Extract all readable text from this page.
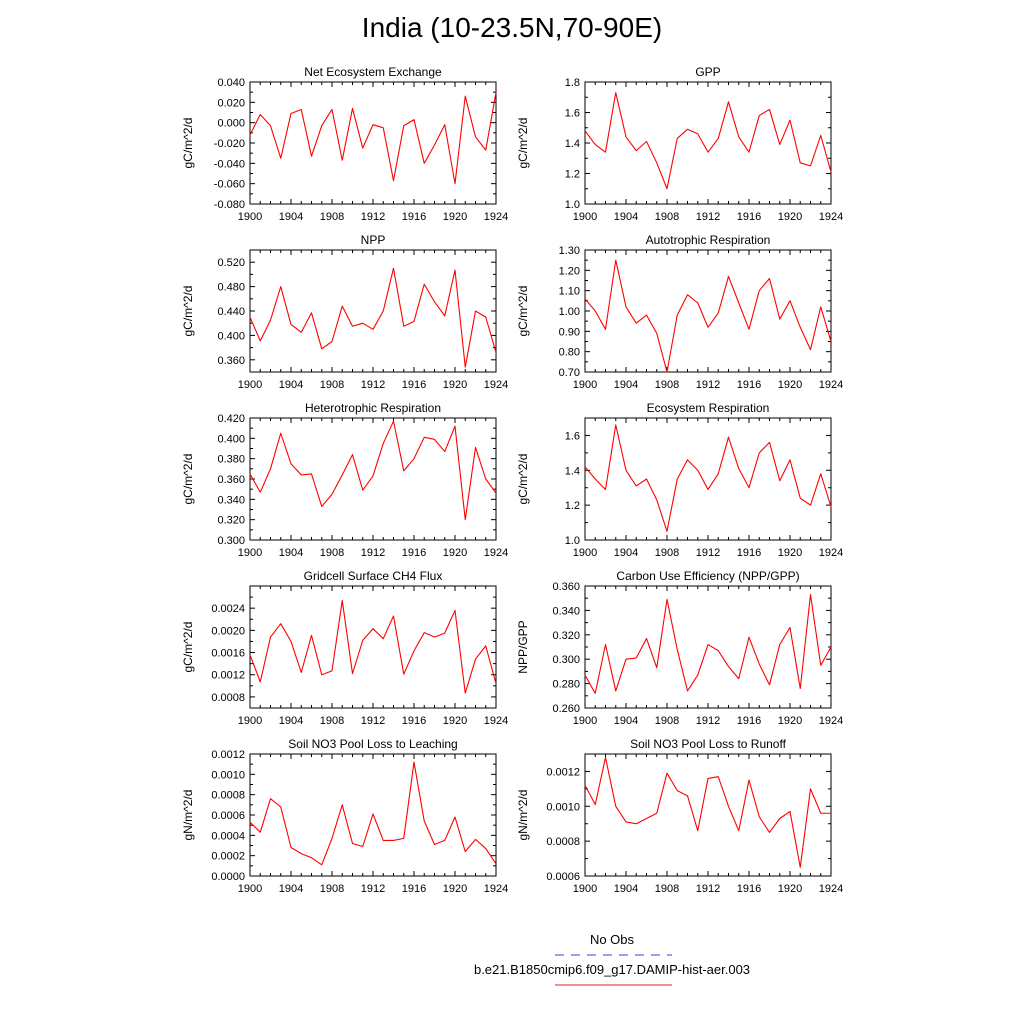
India (10-23.5N,70-90E)
1900 1904 1908 1912 1916 1920 1924
-0.080
-0.060
-0.040
-0.020
0.000
0.020
0.040
Net Ecosystem Exchange
gC/m^2/d
1900 1904 1908 1912 1916 1920 1924
1.0
1.2
1.4
1.6
1.8
GPP
gC/m^2/d
1900 1904 1908 1912 1916 1920 1924
0.360
0.400
0.440
0.480
0.520
NPP
gC/m^2/d
1900 1904 1908 1912 1916 1920 1924
0.70
0.80
0.90
1.00
1.10
1.20
1.30
Autotrophic Respiration
gC/m^2/d
1900 1904 1908 1912 1916 1920 1924
0.300
0.320
0.340
0.360
0.380
0.400
0.420
Heterotrophic Respiration
gC/m^2/d
1900 1904 1908 1912 1916 1920 1924
1.0
1.2
1.4
1.6
Ecosystem Respiration
gC/m^2/d
1900 1904 1908 1912 1916 1920 1924
0.0008
0.0012
0.0016
0.0020
0.0024
Gridcell Surface CH4 Flux
gC/m^2/d
1900 1904 1908 1912 1916 1920 1924
0.260
0.280
0.300
0.320
0.340
0.360
Carbon Use Efficiency (NPP/GPP)
NPP/GPP
1900 1904 1908 1912 1916 1920 1924
0.0000
0.0002
0.0004
0.0006
0.0008
0.0010
0.0012
Soil NO3 Pool Loss to Leaching
gN/m^2/d
1900 1904 1908 1912 1916 1920 1924
0.0006
0.0008
0.0010
0.0012
Soil NO3 Pool Loss to Runoff
gN/m^2/d
No Obs
b.e21.B1850cmip6.f09_g17.DAMIP-hist-aer.003
